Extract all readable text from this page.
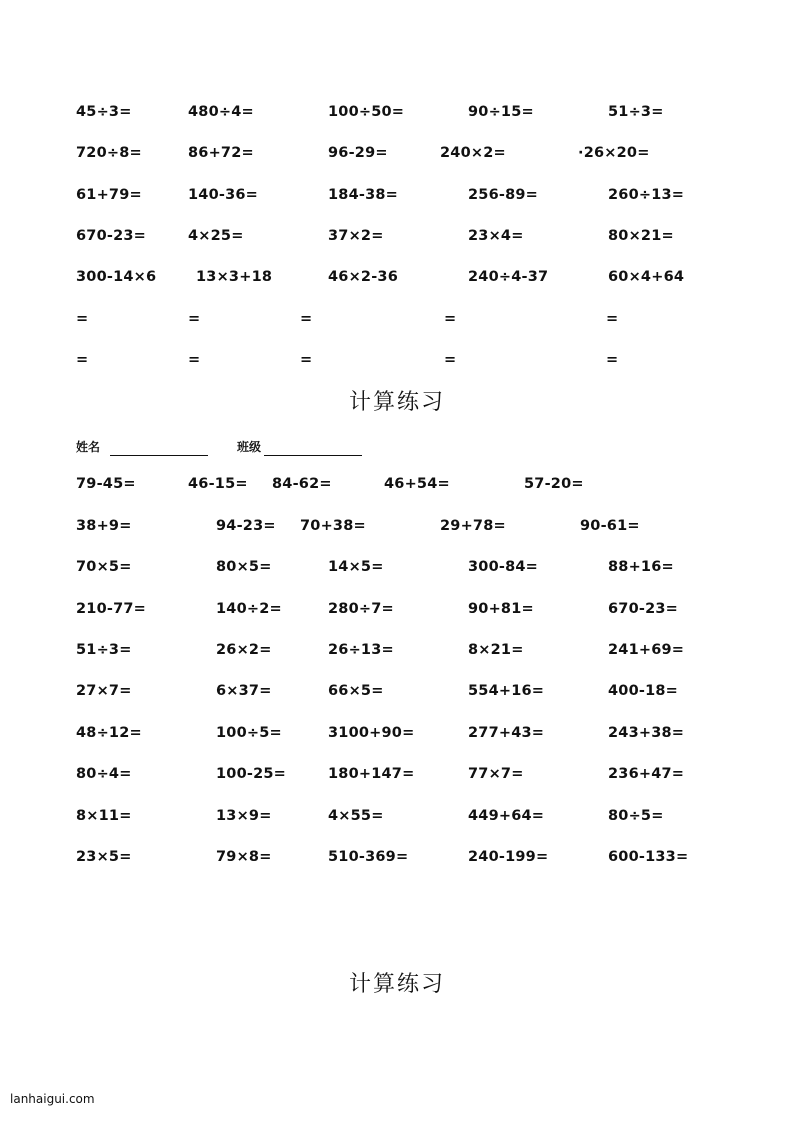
45÷3=	480÷4=	100÷50=	90÷15=	51÷3=
720÷8=	86+72=	96-29=	240×2=	·26×20=
61+79=	140-36=	184-38=	256-89=	260÷13=
670-23=	4×25=	37×2=	23×4=	80×21=
300-14×6	13×3+18	46×2-36	240÷4-37	60×4+64
=	=	=	=	=
=	=	=	=	=
计算练习
姓名	班级
79-45=	46-15= 84-62=	46+54=	57-20=
38+9=	94-23= 70+38=	29+78=	90-61=
70×5=	80×5=	14×5=	300-84=	88+16=
210-77=	140÷2=	280÷7=	90+81=	670-23=
51÷3=	26×2=	26÷13=	8×21=	241+69=
27×7=	6×37=	66×5=	554+16=	400-18=
48÷12=	100÷5=	3100+90=	277+43=	243+38=
80÷4=	100-25=	180+147=	77×7=	236+47=
8×11=	13×9=	4×55=	449+64=	80÷5=
23×5=	79×8=	510-369=	240-199=	600-133=
计算练习
lanhaigui.com
